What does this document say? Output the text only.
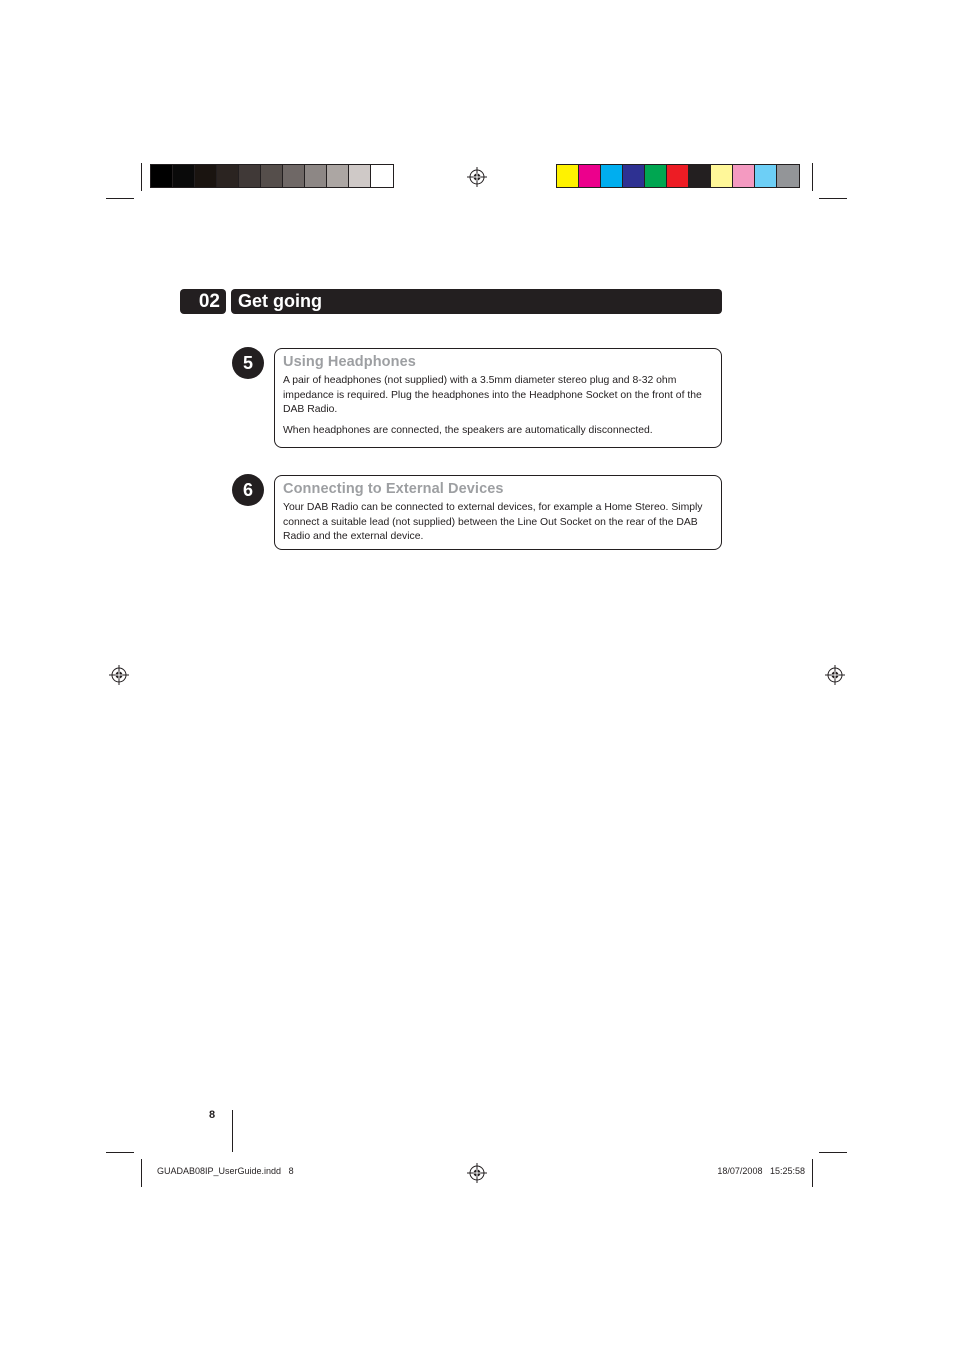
02	Get going
5	Using Headphones

A pair of headphones (not supplied) with a 3.5mm diameter stereo plug and 8-32 ohm impedance is required. Plug the headphones into the Headphone Socket on the front of the DAB Radio.

When headphones are connected, the speakers are automatically disconnected.

6	Connecting to External Devices

Your DAB Radio can be connected to external devices, for example a Home Stereo. Simply connect a suitable lead (not supplied) between the Line Out Socket on the rear of the DAB Radio and the external device.

8
GUADAB08IP_UserGuide.indd   8	18/07/2008   15:25:58
